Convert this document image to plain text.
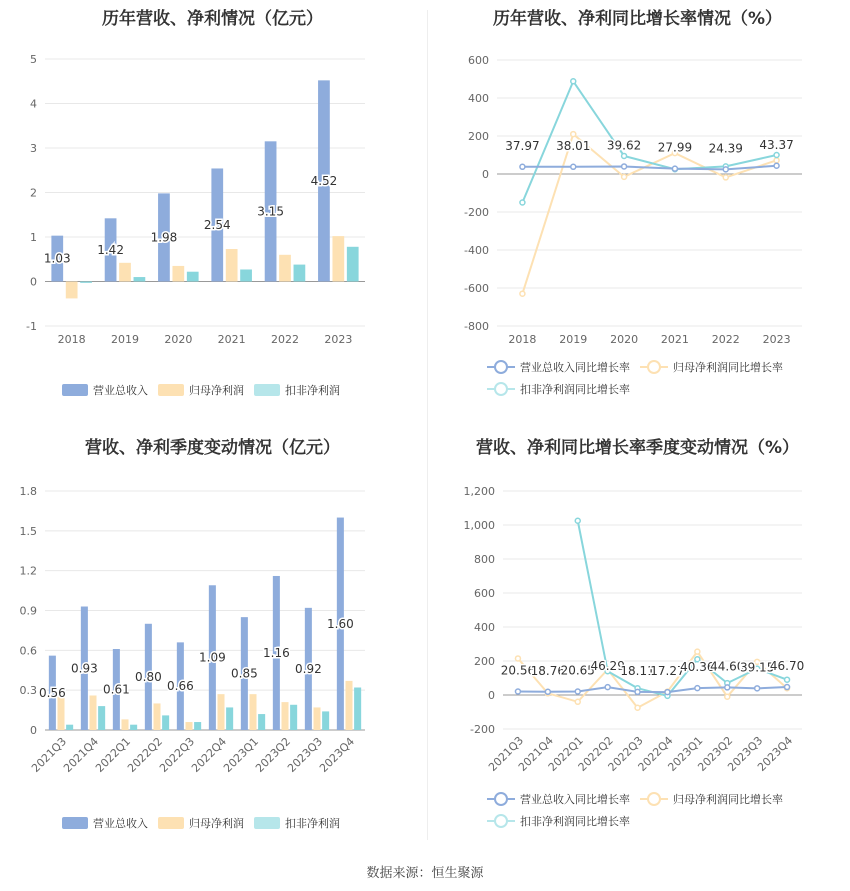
历年营收、净利情况（亿元）
-1
0
1
2
3
4
5
2018 2019 2020 2021 2022 2023
1.03
1.42
1.98
2.54
3.15
4.52
营业总收入	归母净利润	扣非净利润
历年营收、净利同比增长率情况（%）
-800
-600
-400
-200
0
200
400
600
2018 2019 2020 2021 2022 2023
37.97 38.01 39.62 27.99 24.39 43.37
营业总收入同比增长率	归母净利润同比增长率
扣非净利润同比增长率
营收、净利季度变动情况（亿元）
0
0.3
0.6
0.9
1.2
1.5
1.8
2021Q3
2021Q4
2022Q1
2022Q2
2022Q3
2022Q4
2023Q1
2023Q2
2023Q3
2023Q4
0.56
0.93
0.61
0.80
0.66
1.09
0.85
1.16
0.92
1.60
营业总收入	归母净利润	扣非净利润
营收、净利同比增长率季度变动情况（%）
-200
0
200
400
600
800
1,000
1,200
2021Q3
2021Q4
2022Q1
2022Q2
2022Q3
2022Q4
2023Q1
2023Q2
2023Q3
2023Q4
20.56
18.76
20.65
46.29
18.11
17.27
40.36
44.60
39.15
46.70
营业总收入同比增长率	归母净利润同比增长率
扣非净利润同比增长率
数据来源：恒生聚源
